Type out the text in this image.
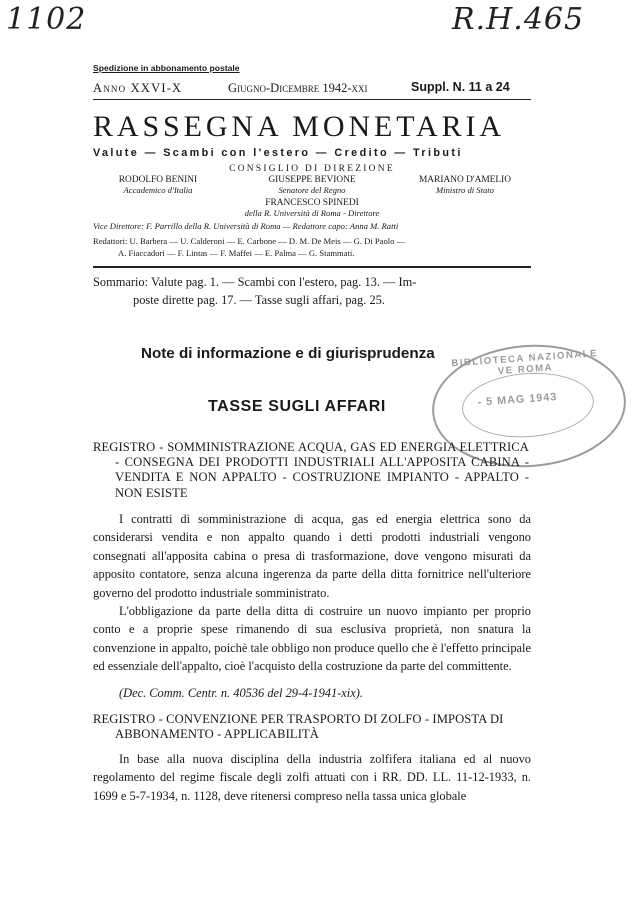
1102	R.H.465
Spedizione in abbonamento postale
Anno XXVI-X	Giugno-Dicembre 1942-xxi	Suppl. N. 11 a 24
RASSEGNA MONETARIA
Valute — Scambi con l'estero — Credito — Tributi
CONSIGLIO DI DIREZIONE
RODOLFO BENINI
Accademico d'Italia
GIUSEPPE BEVIONE
Senatore del Regno
MARIANO D'AMELIO
Ministro di Stato
FRANCESCO SPINEDI
della R. Università di Roma - Direttore
Vice Direttore: F. Parrillo della R. Università di Roma — Redattore capo: Anna M. Ratti
Redattori: U. Barbera — U. Calderoni — E. Carbone — D. M. De Meis — G. Di Paolo —
A. Fiaccadori — F. Lintas — F. Maffei — E. Palma — G. Stammati.
Sommario: Valute pag. 1. — Scambi con l'estero, pag. 13. — Im-
poste dirette pag. 17. — Tasse sugli affari, pag. 25.
Note di informazione e di giurisprudenza
TASSE SUGLI AFFARI
BIBLIOTECA NAZIONALE VE ROMA
- 5 MAG 1943
REGISTRO - SOMMINISTRAZIONE ACQUA, GAS ED ENERGIA ELETTRICA - CONSEGNA DEI PRODOTTI INDUSTRIALI ALL'APPOSITA CABINA - VENDITA E NON APPALTO - COSTRUZIONE IMPIANTO - APPALTO - NON ESISTE

I contratti di somministrazione di acqua, gas ed energia elettrica sono da considerarsi vendita e non appalto quando i detti prodotti industriali vengono consegnati all'apposita cabina o presa di trasformazione, dove vengono misurati da apposito contatore, senza alcuna ingerenza da parte della ditta fornitrice nell'ulteriore governo del prodotto industriale somministrato.

L'obbligazione da parte della ditta di costruire un nuovo impianto per proprio conto e a proprie spese rimanendo di sua esclusiva proprietà, non snatura la convenzione in appalto, poichè tale obbligo non produce quello che è l'effetto principale ed essenziale dell'appalto, cioè l'acquisto della costruzione da parte del committente.

(Dec. Comm. Centr. n. 40536 del 29-4-1941-xix).

REGISTRO - CONVENZIONE PER TRASPORTO DI ZOLFO - IMPOSTA DI ABBONAMENTO - APPLICABILITÀ

In base alla nuova disciplina della industria zolfifera italiana ed al nuovo regolamento del regime fiscale degli zolfi attuati con i RR. DD. LL. 11-12-1933, n. 1699 e 5-7-1934, n. 1128, deve ritenersi compreso nella tassa unica globale
